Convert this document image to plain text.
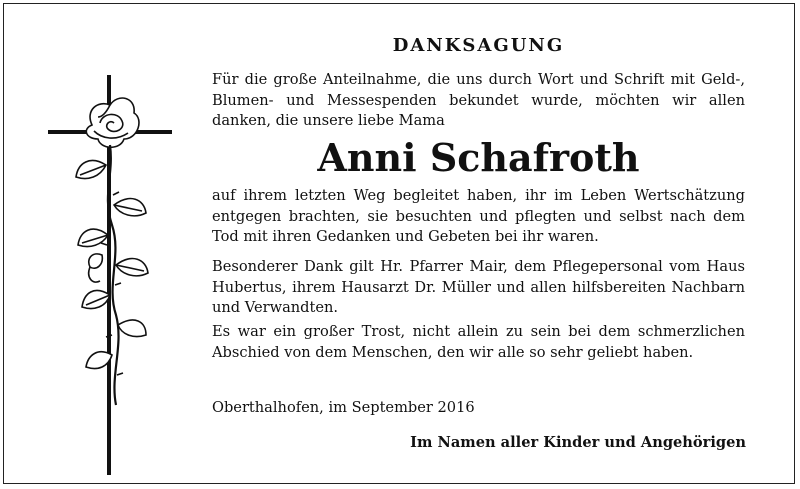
DANKSAGUNG

Für die große Anteilnahme, die uns durch Wort und Schrift mit Geld-, Blumen- und Messespenden bekundet wurde, möchten wir allen danken, die unsere liebe Mama

Anni Schafroth

auf ihrem letzten Weg begleitet haben, ihr im Leben Wertschätzung entgegen brachten, sie besuchten und pflegten und selbst nach dem Tod mit ihren Gedanken und Gebeten bei ihr waren.

Besonderer Dank gilt Hr. Pfarrer Mair, dem Pflegepersonal vom Haus Hubertus, ihrem Hausarzt Dr. Müller und allen hilfsbereiten Nachbarn und Verwandten.

Es war ein großer Trost, nicht allein zu sein bei dem schmerzlichen Abschied von dem Menschen, den wir alle so sehr geliebt haben.

Oberthalhofen, im September 2016

Im Namen aller Kinder und Angehörigen
